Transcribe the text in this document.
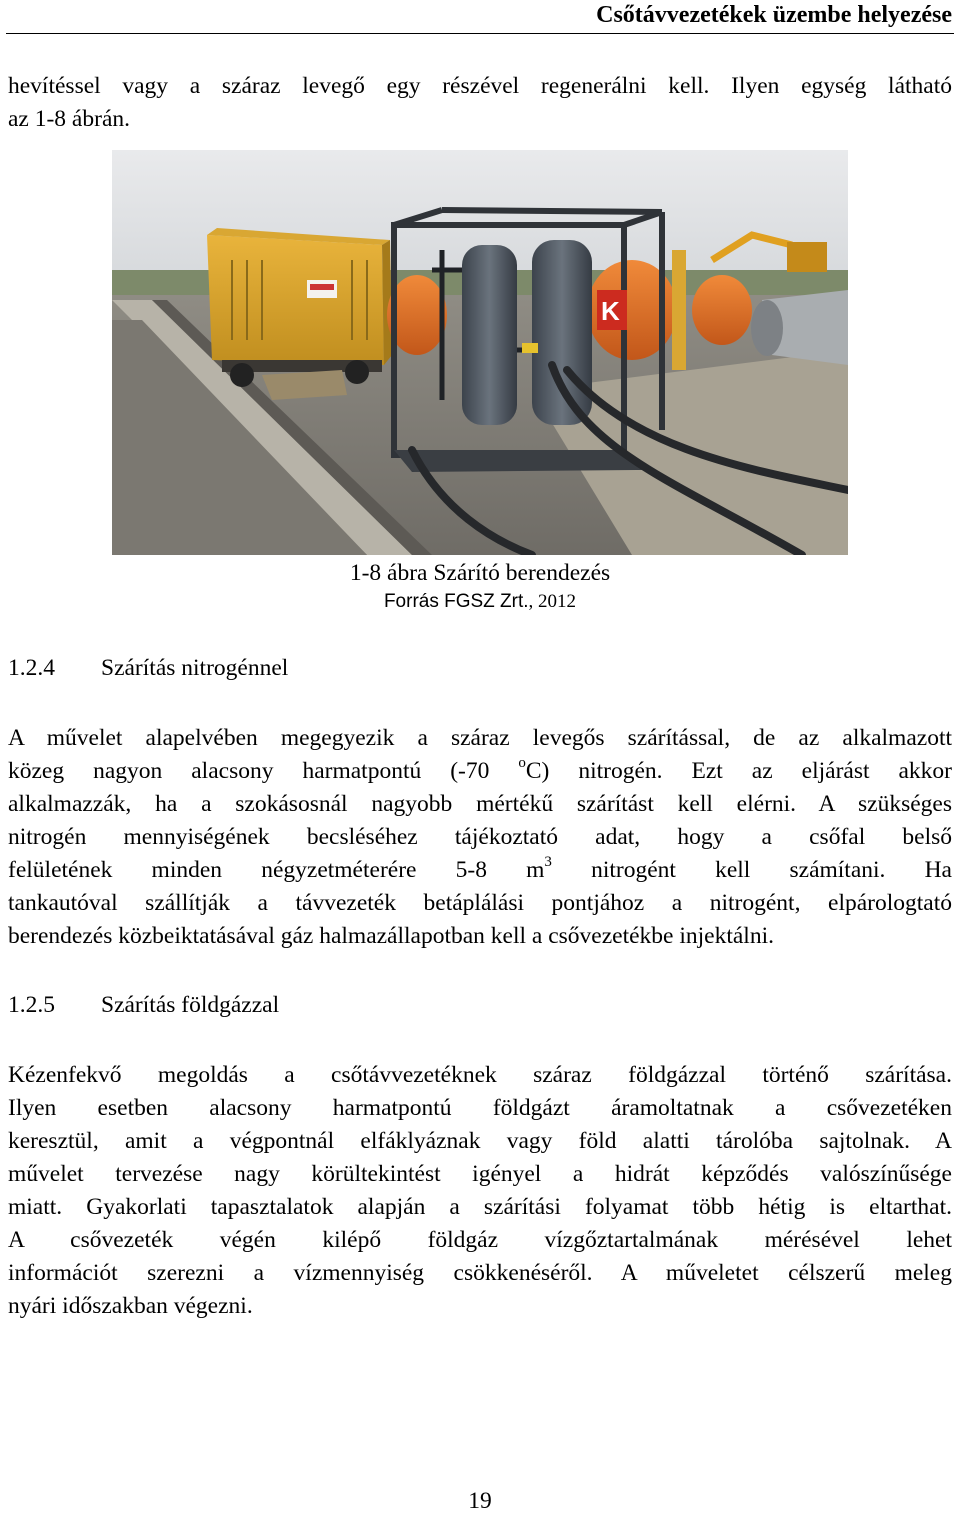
Csőtávvezetékek üzembe helyezése
hevítéssel vagy a száraz levegő egy részével regenerálni kell. Ilyen egység látható
az 1-8 ábrán.
K
1-8 ábra Szárító berendezés
Forrás FGSZ Zrt., 2012
1.2.4 Szárítás nitrogénnel
A művelet alapelvében megegyezik a száraz levegős szárítással, de az alkalmazott
közeg nagyon alacsony harmatpontú (-70 $^o$C) nitrogén. Ezt az eljárást akkor
alkalmazzák, ha a szokásosnál nagyobb mértékű szárítást kell elérni. A szükséges
nitrogén mennyiségének becsléséhez tájékoztató adat, hogy a csőfal belső
felületének minden négyzetméterére 5-8 $m^3$ nitrogént kell számítani. Ha
tankautóval szállítják a távvezeték betáplálási pontjához a nitrogént, elpárologtató
berendezés közbeiktatásával gáz halmazállapotban kell a csővezetékbe injektálni.
1.2.5 Szárítás földgázzal
Kézenfekvő megoldás a csőtávvezetéknek száraz földgázzal történő szárítása.
Ilyen esetben alacsony harmatpontú földgázt áramoltatnak a csővezetéken
keresztül, amit a végpontnál elfáklyáznak vagy föld alatti tárolóba sajtolnak. A
művelet tervezése nagy körültekintést igényel a hidrát képződés valószínűsége
miatt. Gyakorlati tapasztalatok alapján a szárítási folyamat több hétig is eltarthat.
A csővezeték végén kilépő földgáz vízgőztartalmának mérésével lehet
információt szerezni a vízmennyiség csökkenéséről. A műveletet célszerű meleg
nyári időszakban végezni.
19
